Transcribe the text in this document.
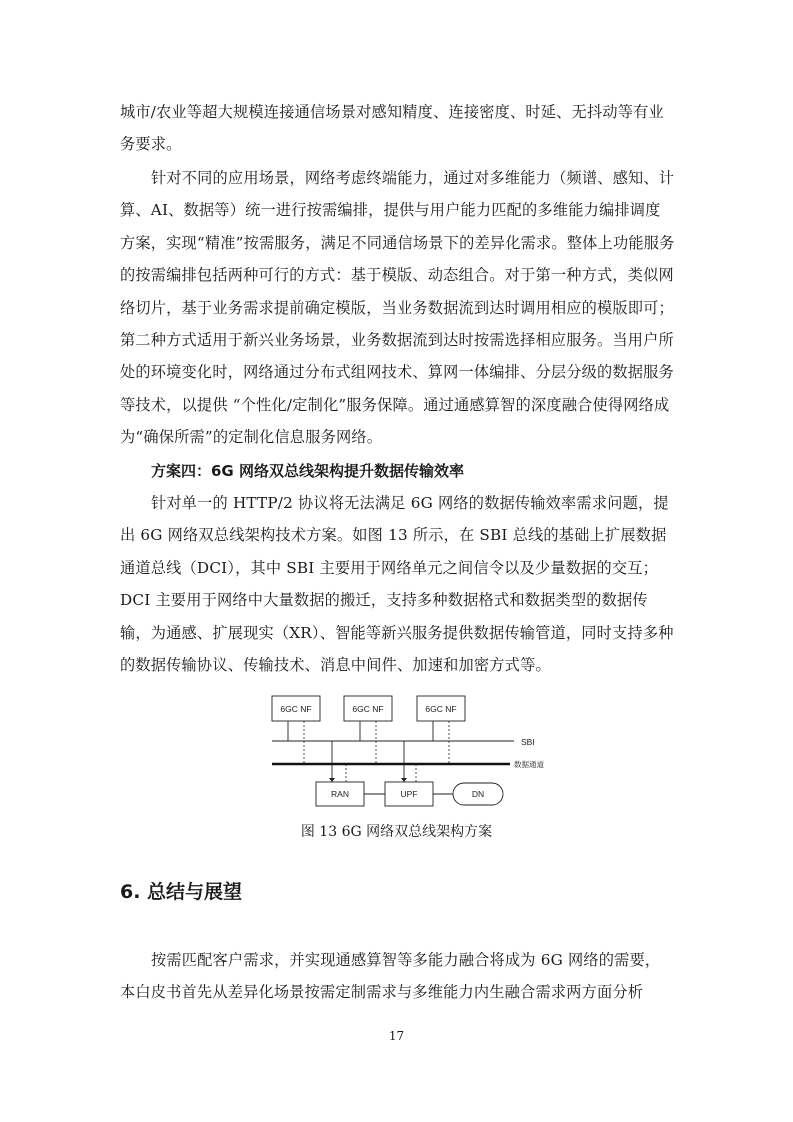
城市/农业等超大规模连接通信场景对感知精度、连接密度、时延、无抖动等有业务要求。

针对不同的应用场景，网络考虑终端能力，通过对多维能力（频谱、感知、计算、AI、数据等）统一进行按需编排，提供与用户能力匹配的多维能力编排调度方案，实现“精准”按需服务，满足不同通信场景下的差异化需求。整体上功能服务的按需编排包括两种可行的方式：基于模版、动态组合。对于第一种方式，类似网络切片，基于业务需求提前确定模版，当业务数据流到达时调用相应的模版即可；第二种方式适用于新兴业务场景，业务数据流到达时按需选择相应服务。当用户所处的环境变化时，网络通过分布式组网技术、算网一体编排、分层分级的数据服务等技术，以提供 “个性化/定制化”服务保障。通过通感算智的深度融合使得网络成为“确保所需”的定制化信息服务网络。

方案四：6G 网络双总线架构提升数据传输效率

针对单一的 HTTP/2 协议将无法满足 6G 网络的数据传输效率需求问题，提出 6G 网络双总线架构技术方案。如图 13 所示，在 SBI 总线的基础上扩展数据通道总线（DCI），其中 SBI 主要用于网络单元之间信令以及少量数据的交互；DCI 主要用于网络中大量数据的搬迁，支持多种数据格式和数据类型的数据传输，为通感、扩展现实（XR）、智能等新兴服务提供数据传输管道，同时支持多种的数据传输协议、传输技术、消息中间件、加速和加密方式等。

6GC NF	6GC NF	6GC NF
SBI
数据通道
RAN	UPF	DN

图 13 6G 网络双总线架构方案

6. 总结与展望

按需匹配客户需求，并实现通感算智等多能力融合将成为 6G 网络的需要，本白皮书首先从差异化场景按需定制需求与多维能力内生融合需求两方面分析

17
